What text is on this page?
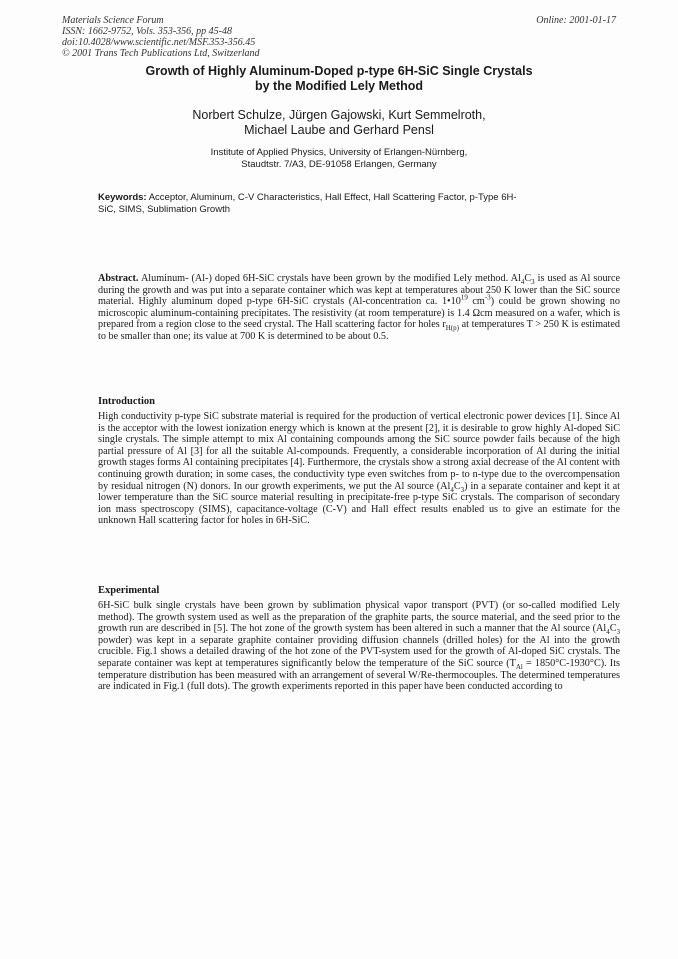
Materials Science Forum
ISSN: 1662-9752, Vols. 353-356, pp 45-48
doi:10.4028/www.scientific.net/MSF.353-356.45
© 2001 Trans Tech Publications Ltd, Switzerland
Online: 2001-01-17
Growth of Highly Aluminum-Doped p-type 6H-SiC Single Crystals
by the Modified Lely Method
Norbert Schulze, Jürgen Gajowski, Kurt Semmelroth,
Michael Laube and Gerhard Pensl
Institute of Applied Physics, University of Erlangen-Nürnberg,
Staudtstr. 7/A3, DE-91058 Erlangen, Germany
Keywords: Acceptor, Aluminum, C-V Characteristics, Hall Effect, Hall Scattering Factor, p-Type 6H-SiC, SIMS, Sublimation Growth
Abstract. Aluminum- (Al-) doped 6H-SiC crystals have been grown by the modified Lely method. $Al_4C_3$ is used as Al source during the growth and was put into a separate container which was kept at temperatures about 250 K lower than the SiC source material. Highly aluminum doped p-type 6H-SiC crystals (Al-concentration ca. $1•10^{19}$ $cm^{-3}$) could be grown showing no microscopic aluminum-containing precipitates. The resistivity (at room temperature) is 1.4 Ωcm measured on a wafer, which is prepared from a region close to the seed crystal. The Hall scattering factor for holes $r_{H(p)}$ at temperatures T > 250 K is estimated to be smaller than one; its value at 700 K is determined to be about 0.5.
Introduction
High conductivity p-type SiC substrate material is required for the production of vertical electronic power devices [1]. Since Al is the acceptor with the lowest ionization energy which is known at the present [2], it is desirable to grow highly Al-doped SiC single crystals. The simple attempt to mix Al containing compounds among the SiC source powder fails because of the high partial pressure of Al [3] for all the suitable Al-compounds. Frequently, a considerable incorporation of Al during the initial growth stages forms Al containing precipitates [4]. Furthermore, the crystals show a strong axial decrease of the Al content with continuing growth duration; in some cases, the conductivity type even switches from p- to n-type due to the overcompensation by residual nitrogen (N) donors. In our growth experiments, we put the Al source $(Al_4C_3)$ in a separate container and kept it at lower temperature than the SiC source material resulting in precipitate-free p-type SiC crystals. The comparison of secondary ion mass spectroscopy (SIMS), capacitance-voltage (C-V) and Hall effect results enabled us to give an estimate for the unknown Hall scattering factor for holes in 6H-SiC.
Experimental
6H-SiC bulk single crystals have been grown by sublimation physical vapor transport (PVT) (or so-called modified Lely method). The growth system used as well as the preparation of the graphite parts, the source material, and the seed prior to the growth run are described in [5]. The hot zone of the growth system has been altered in such a manner that the Al source ($Al_4C_3$ powder) was kept in a separate graphite container providing diffusion channels (drilled holes) for the Al into the growth crucible. Fig.1 shows a detailed drawing of the hot zone of the PVT-system used for the growth of Al-doped SiC crystals. The separate container was kept at temperatures significantly below the temperature of the SiC source $(T_{Al} = 1850^\circ C-1930^\circ C)$. Its temperature distribution has been measured with an arrangement of several W/Re-thermocouples. The determined temperatures are indicated in Fig.1 (full dots). The growth experiments reported in this paper have been conducted according to
